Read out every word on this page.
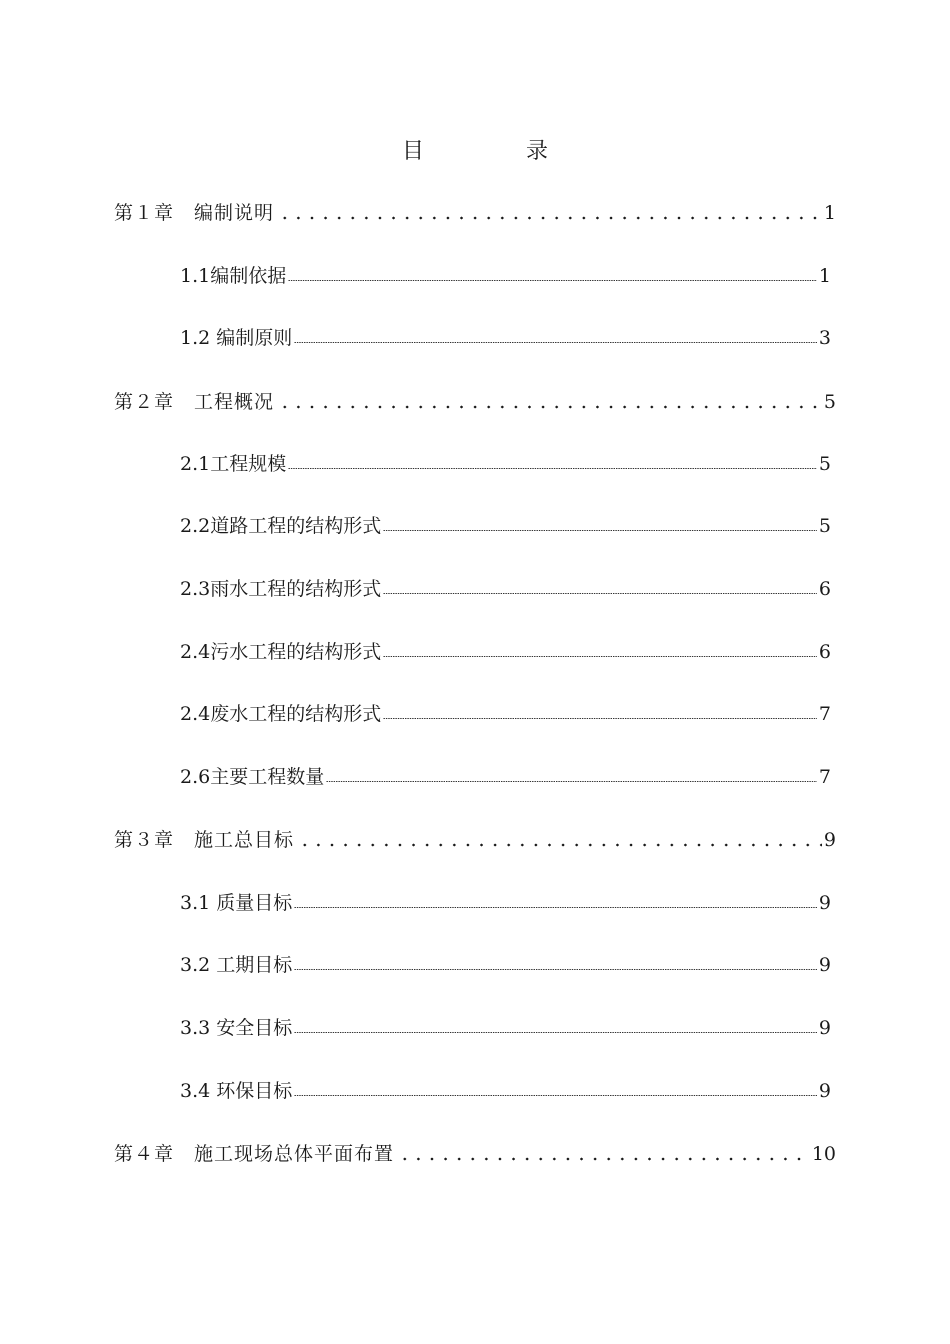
目　录
第１章　编制说明	1
1.1编制依据	1
1.2 编制原则	3
第２章　工程概况	5
2.1工程规模	5
2.2道路工程的结构形式	5
2.3雨水工程的结构形式	6
2.4污水工程的结构形式	6
2.4废水工程的结构形式	7
2.6主要工程数量	7
第３章　施工总目标	9
3.1 质量目标	9
3.2 工期目标	9
3.3 安全目标	9
3.4 环保目标	9
第４章　施工现场总体平面布置	10
